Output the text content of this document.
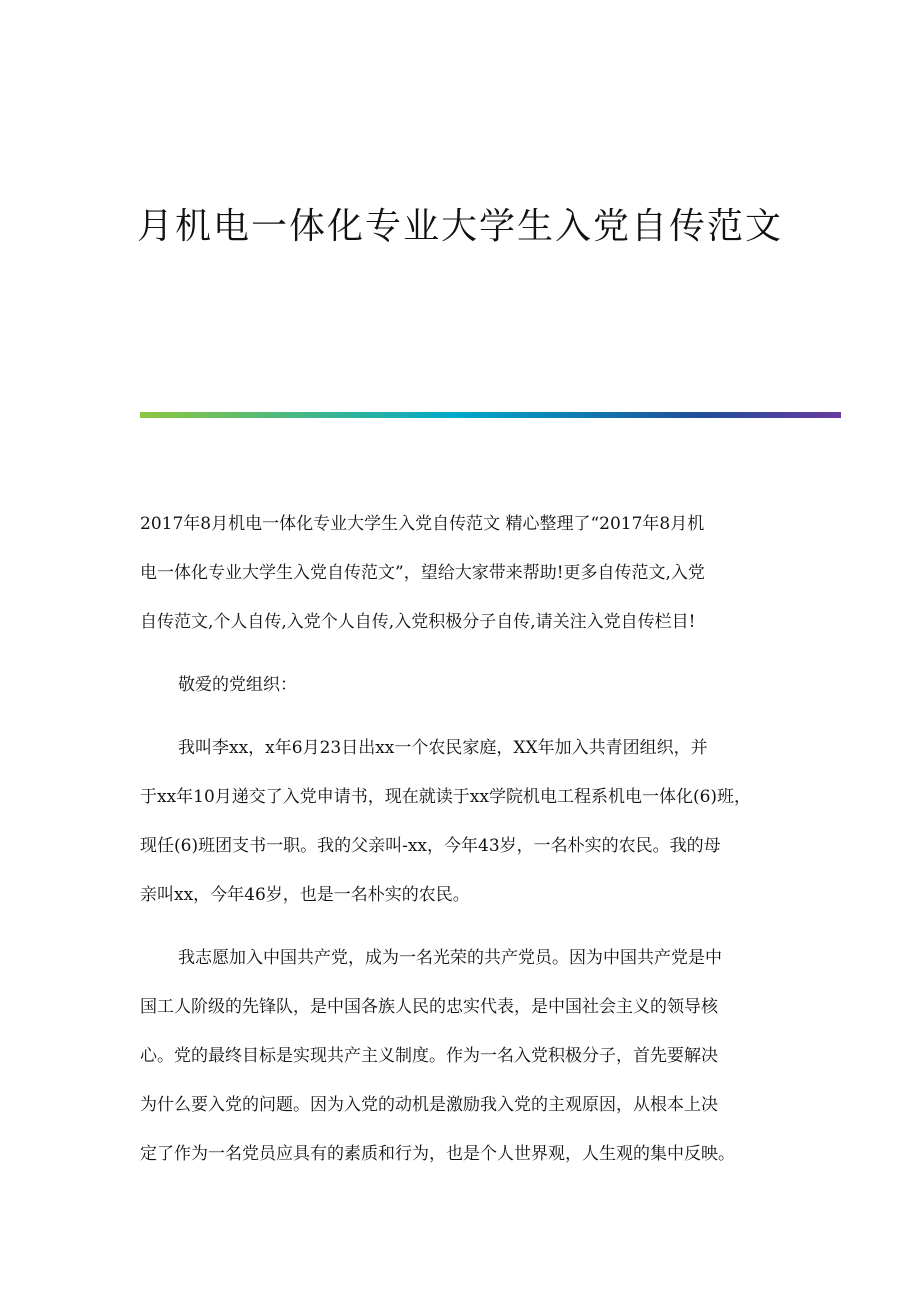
月机电一体化专业大学生入党自传范文
2017年8月机电一体化专业大学生入党自传范文 精心整理了“2017年8月机
电一体化专业大学生入党自传范文”，望给大家带来帮助!更多自传范文,入党
自传范文,个人自传,入党个人自传,入党积极分子自传,请关注入党自传栏目!
敬爱的党组织：
我叫李xx，x年6月23日出xx一个农民家庭，XX年加入共青团组织，并
于xx年10月递交了入党申请书，现在就读于xx学院机电工程系机电一体化(6)班，
现任(6)班团支书一职。我的父亲叫-xx，今年43岁，一名朴实的农民。我的母
亲叫xx，今年46岁，也是一名朴实的农民。
我志愿加入中国共产党，成为一名光荣的共产党员。因为中国共产党是中
国工人阶级的先锋队，是中国各族人民的忠实代表，是中国社会主义的领导核
心。党的最终目标是实现共产主义制度。作为一名入党积极分子，首先要解决
为什么要入党的问题。因为入党的动机是激励我入党的主观原因，从根本上决
定了作为一名党员应具有的素质和行为，也是个人世界观，人生观的集中反映。
